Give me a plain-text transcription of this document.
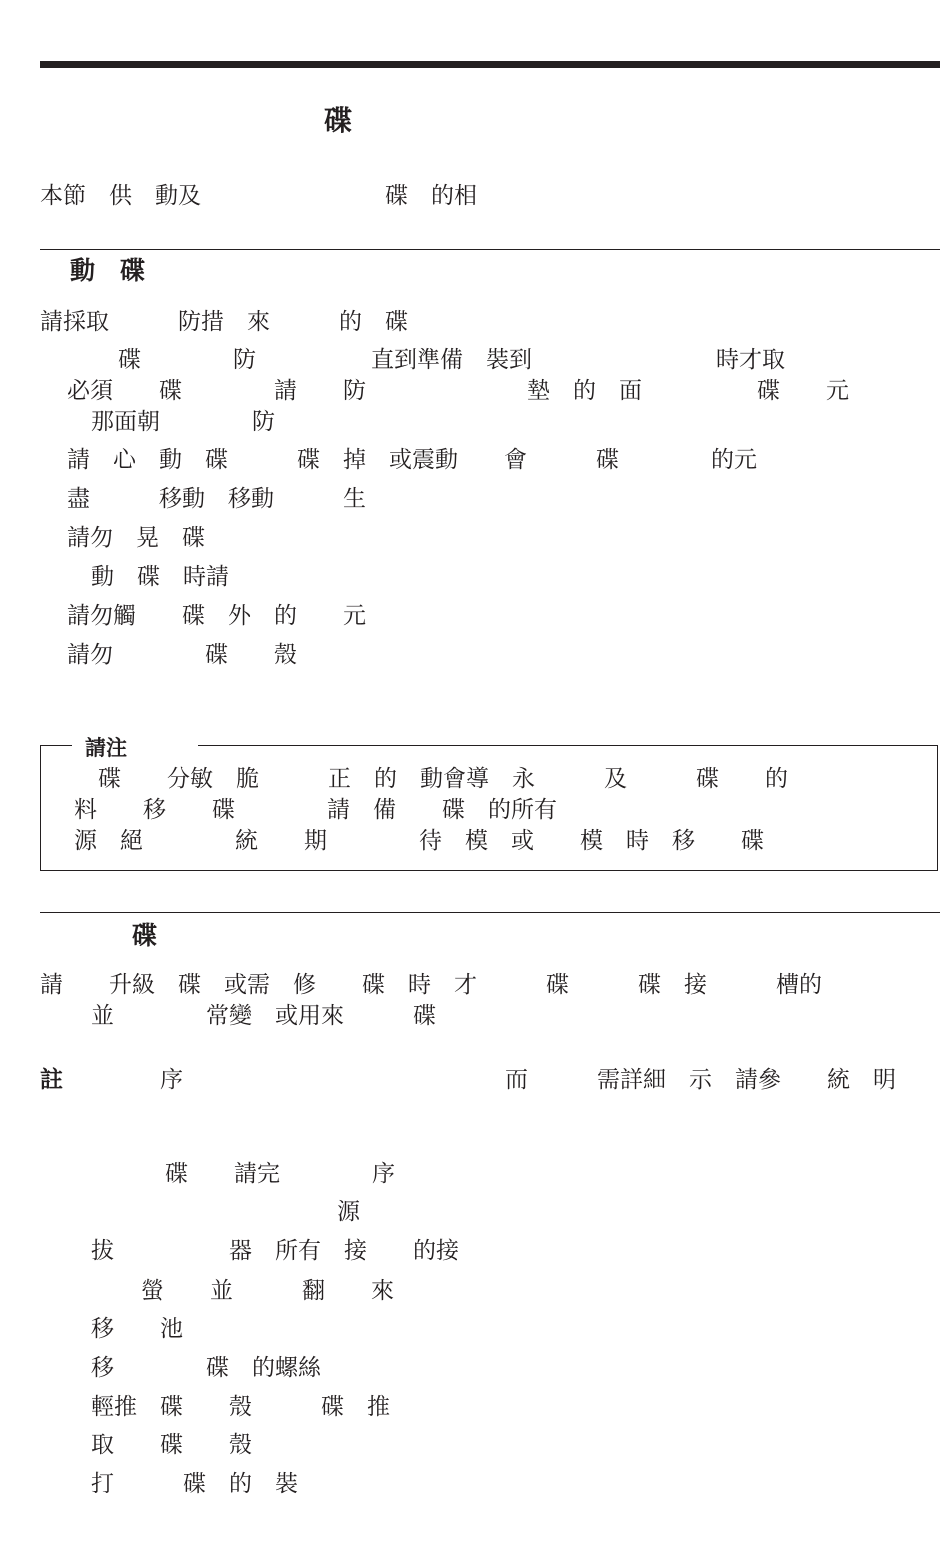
碟
本節　供　動及　　　　　　　　碟　的相
動　碟
請採取　　　防措　來　　　的　碟
碟　　　　防　　　　　直到準備　裝到　　　　　　　　時才取
必須　　碟　　　　請　　防　　　　　　　墊　的　面　　　　　碟　　元
那面朝　　　　防
請　心　動　碟　　　碟　掉　或震動　　會　　　碟　　　　的元
盡　　　移動　移動　　　生
請勿　晃　碟
動　碟　時請
請勿觸　　碟　外　的　　元
請勿　　　　碟　　殼
請注
碟　　分敏　脆　　　正　的　動會導　永　　　及　　　碟　　的
料　　移　　碟　　　　請　備　　碟　的所有
源　絕　　　　統　　期　　　　待　模　或　　模　時　移　　碟
碟
請　　升級　碟　或需　修　　碟　時　才　　　碟　　　碟　接　　　槽的
並　　　　常變　或用來　　　碟
註	序　　　　　　　　　　　　　　而　　　需詳細　示　請參　　統　明
碟　　請完　　　　序
源
拔　　　　　器　所有　接　　的接
螢　　並　　　翻　　來
移　　池
移　　　　碟　的螺絲
輕推　碟　　殼　　　碟　推
取　　碟　　殼
打　　　碟　的　裝
